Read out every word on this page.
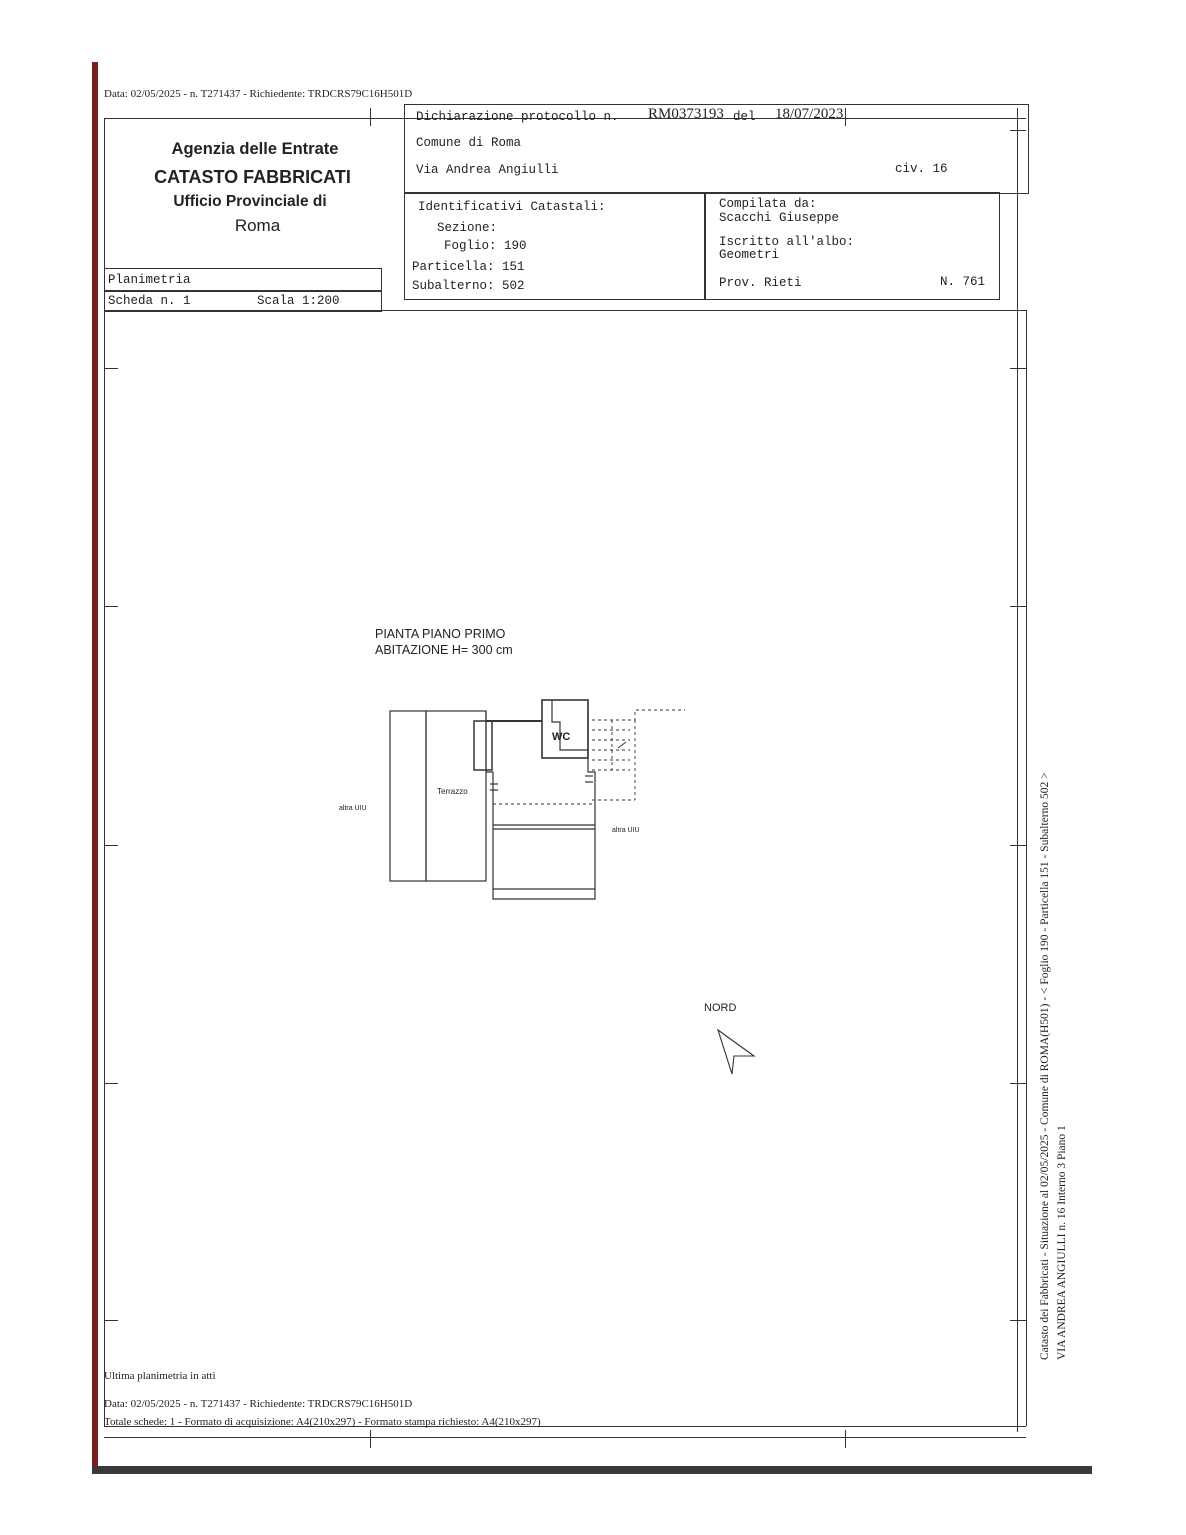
Data: 02/05/2025 - n. T271437 - Richiedente: TRDCRS79C16H501D
Agenzia delle Entrate
CATASTO FABBRICATI
Ufficio Provinciale di
Roma
Dichiarazione protocollo n. RM0373193 del 18/07/2023
Comune di Roma
Via Andrea Angiulli	civ. 16
Identificativi Catastali:
Sezione:
Foglio: 190
Particella: 151
Subalterno: 502
Compilata da:
Scacchi Giuseppe
Iscritto all'albo:
Geometri
Prov. Rieti	N. 761
Planimetria
Scheda n. 1	Scala 1:200
PIANTA PIANO PRIMO
ABITAZIONE H= 300 cm
WC
Terrazzo
altra UIU
altra UIU
NORD
Ultima planimetria in atti
Data: 02/05/2025 - n. T271437 - Richiedente: TRDCRS79C16H501D
Totale schede: 1 - Formato di acquisizione: A4(210x297) - Formato stampa richiesto: A4(210x297)
Catasto dei Fabbricati - Situazione al 02/05/2025 - Comune di ROMA(H501) - < Foglio 190 - Particella 151 - Subalterno 502 > VIA ANDREA ANGIULLI n. 16 Interno 3 Piano 1
